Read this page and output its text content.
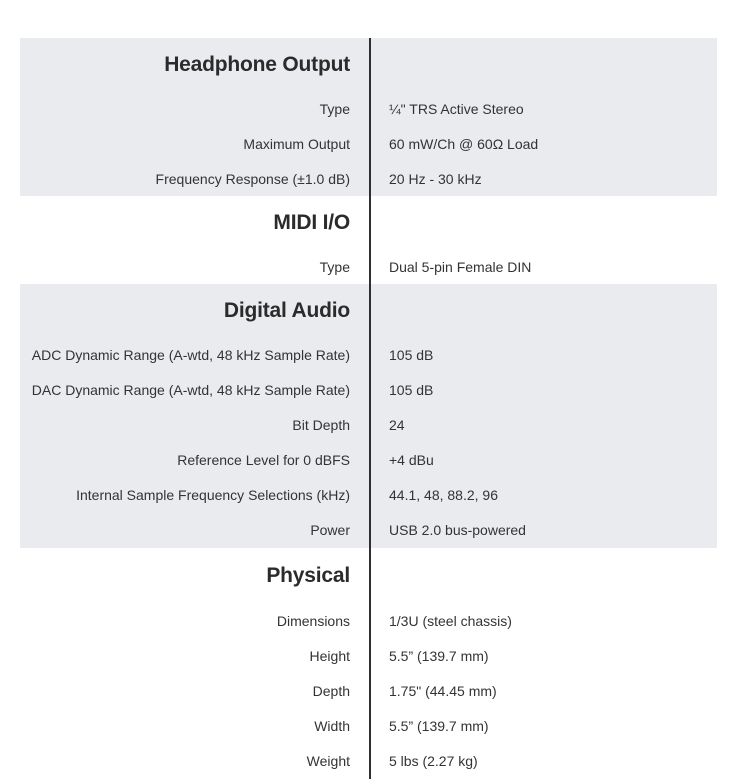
Headphone Output
Type	¼" TRS Active Stereo
Maximum Output	60 mW/Ch @ 60Ω Load
Frequency Response (±1.0 dB)	20 Hz - 30 kHz
MIDI I/O
Type	Dual 5-pin Female DIN
Digital Audio
ADC Dynamic Range (A-wtd, 48 kHz Sample Rate)	105 dB
DAC Dynamic Range (A-wtd, 48 kHz Sample Rate)	105 dB
Bit Depth	24
Reference Level for 0 dBFS	+4 dBu
Internal Sample Frequency Selections (kHz)	44.1, 48, 88.2, 96
Power	USB 2.0 bus-powered
Physical
Dimensions	1/3U (steel chassis)
Height	5.5” (139.7 mm)
Depth	1.75" (44.45 mm)
Width	5.5” (139.7 mm)
Weight	5 lbs (2.27 kg)
